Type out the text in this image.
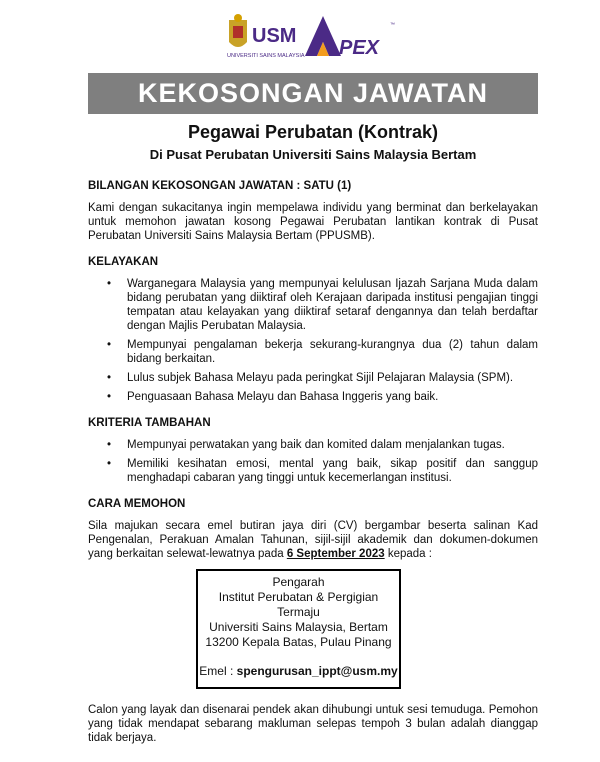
USM
UNIVERSITI SAINS MALAYSIA PEX
™
KEKOSONGAN JAWATAN
Pegawai Perubatan (Kontrak)
Di Pusat Perubatan Universiti Sains Malaysia Bertam
BILANGAN KEKOSONGAN JAWATAN : SATU (1)
Kami dengan sukacitanya ingin mempelawa individu yang berminat dan berkelayakan untuk memohon jawatan kosong Pegawai Perubatan lantikan kontrak di Pusat Perubatan Universiti Sains Malaysia Bertam (PPUSMB).
KELAYAKAN
• Warganegara Malaysia yang mempunyai kelulusan Ijazah Sarjana Muda dalam bidang perubatan yang diiktiraf oleh Kerajaan daripada institusi pengajian tinggi tempatan atau kelayakan yang diiktiraf setaraf dengannya dan telah berdaftar dengan Majlis Perubatan Malaysia.
• Mempunyai pengalaman bekerja sekurang-kurangnya dua (2) tahun dalam bidang berkaitan.
• Lulus subjek Bahasa Melayu pada peringkat Sijil Pelajaran Malaysia (SPM).
• Penguasaan Bahasa Melayu dan Bahasa Inggeris yang baik.
KRITERIA TAMBAHAN
• Mempunyai perwatakan yang baik dan komited dalam menjalankan tugas.
• Memiliki kesihatan emosi, mental yang baik, sikap positif dan sanggup menghadapi cabaran yang tinggi untuk kecemerlangan institusi.
CARA MEMOHON
Sila majukan secara emel butiran jaya diri (CV) bergambar beserta salinan Kad Pengenalan, Perakuan Amalan Tahunan, sijil-sijil akademik dan dokumen-dokumen yang berkaitan selewat-lewatnya pada 6 September 2023 kepada :
Pengarah
Institut Perubatan & Pergigian Termaju
Universiti Sains Malaysia, Bertam
13200 Kepala Batas, Pulau Pinang
Emel : spengurusan_ippt@usm.my
Calon yang layak dan disenarai pendek akan dihubungi untuk sesi temuduga. Pemohon yang tidak mendapat sebarang makluman selepas tempoh 3 bulan adalah dianggap tidak berjaya.
